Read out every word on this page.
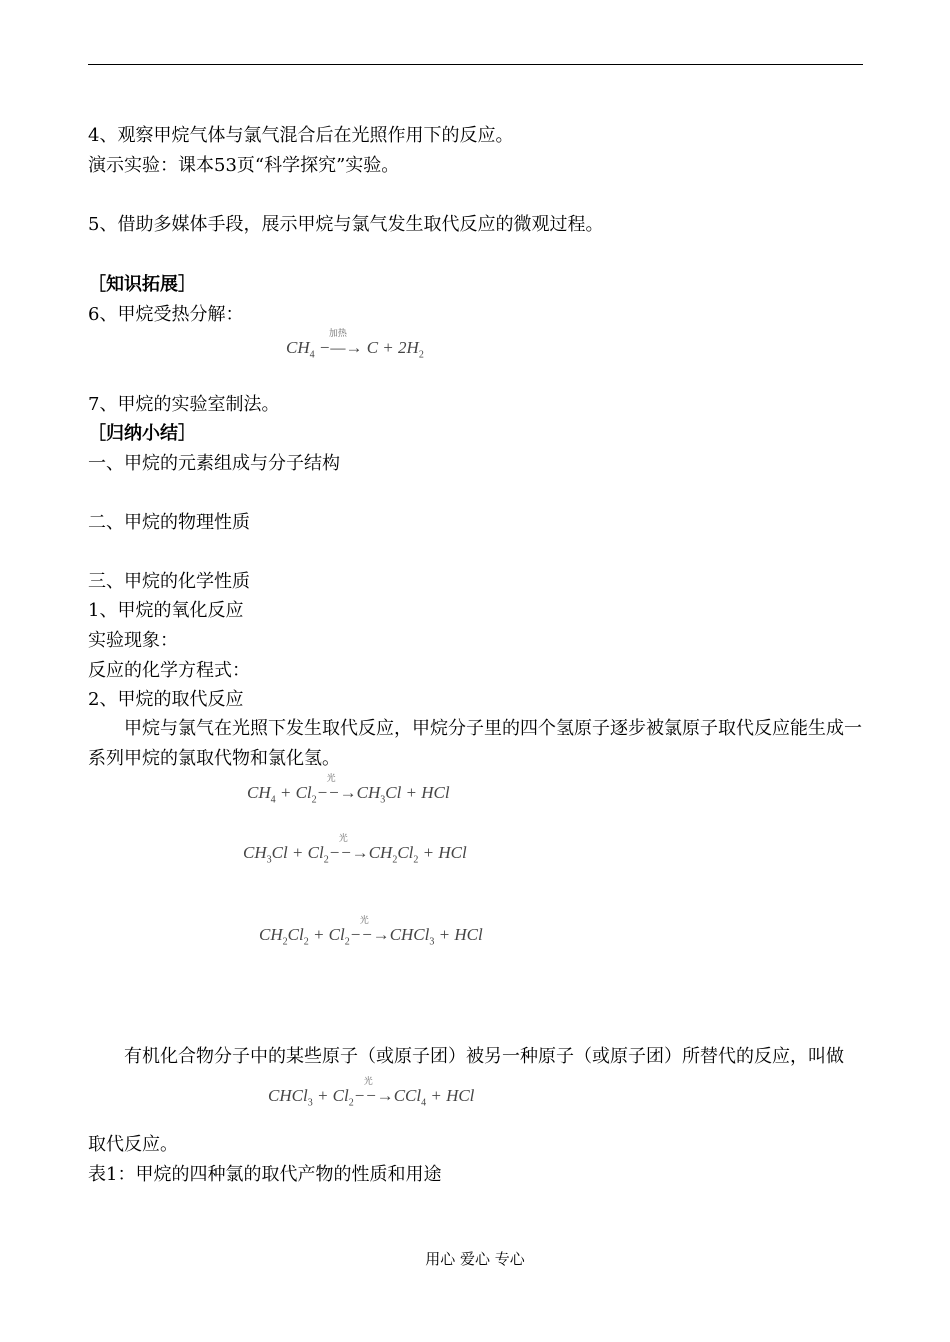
4、观察甲烷气体与氯气混合后在光照作用下的反应。
演示实验：课本53页“科学探究”实验。
5、借助多媒体手段，展示甲烷与氯气发生取代反应的微观过程。
［知识拓展］
6、甲烷受热分解：
$CH_4$
加热
−—→ $C + 2H_2$
7、甲烷的实验室制法。
［归纳小结］
一、甲烷的元素组成与分子结构
二、甲烷的物理性质
三、甲烷的化学性质
1、甲烷的氧化反应
实验现象：
反应的化学方程式：
2、甲烷的取代反应
甲烷与氯气在光照下发生取代反应，甲烷分子里的四个氢原子逐步被氯原子取代反应能生成一系列甲烷的氯取代物和氯化氢。
$CH_4 + Cl_2$
光
$--\to CH_3Cl$ + HCl
$CH_3Cl + Cl_2$
光
$--\to CH_2Cl_2$ + HCl
$CH_2Cl_2 + Cl_2$
光
−−→CHCl$_3$ + HCl
有机化合物分子中的某些原子（或原子团）被另一种原子（或原子团）所替代的反应，叫做
CHCl$_3$ + $Cl_2$
光
−−→CCl$_4$ + HCl
取代反应。
表1：甲烷的四种氯的取代产物的性质和用途
用心 爱心 专心
